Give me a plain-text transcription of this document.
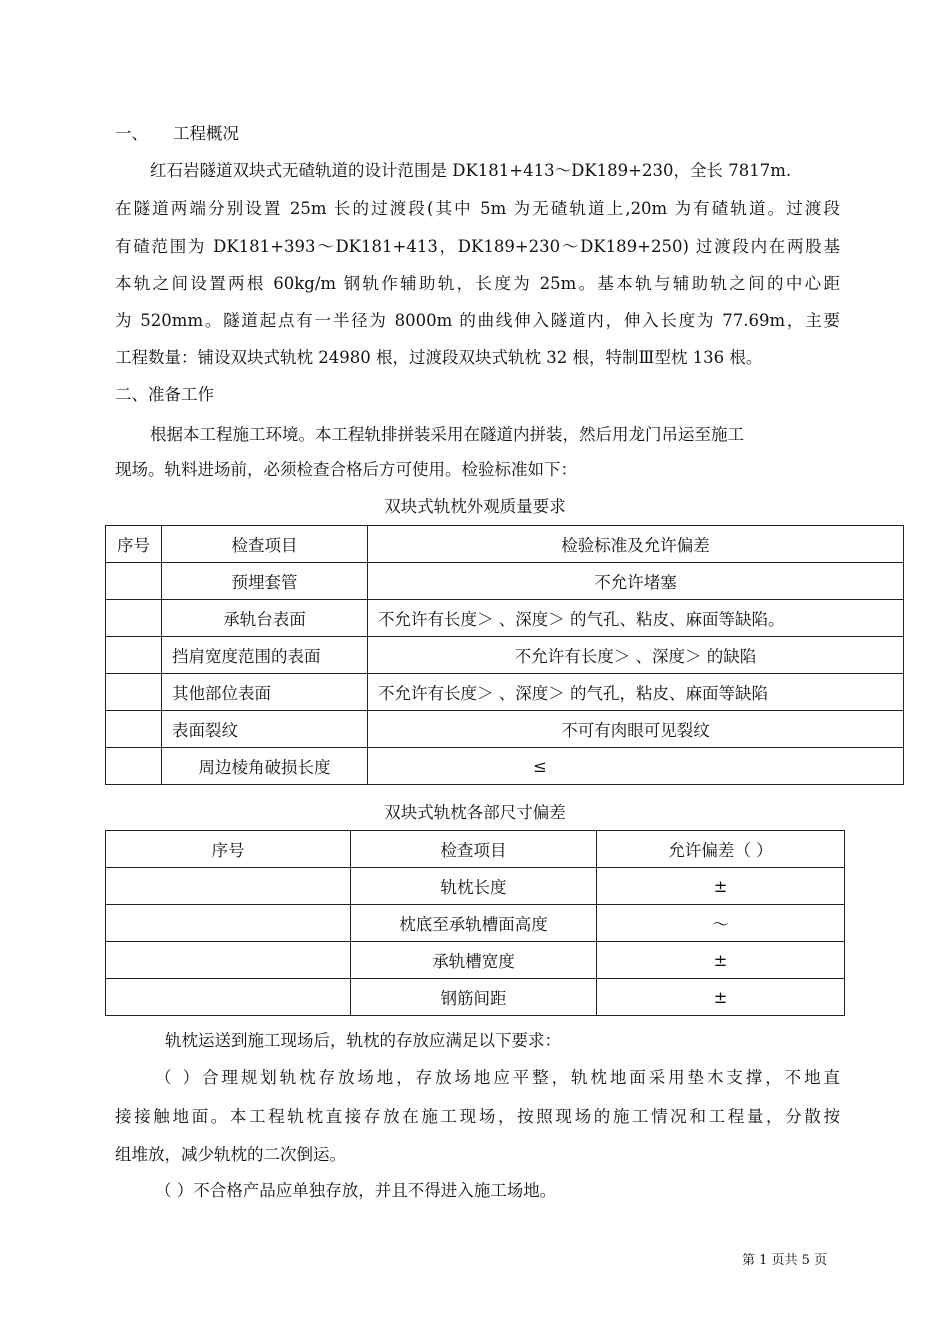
一、 工程概况
红石岩隧道双块式无碴轨道的设计范围是 DK181+413～DK189+230，全长 7817m.
在隧道两端分别设置 25m 长的过渡段(其中 5m 为无碴轨道上,20m 为有碴轨道。过渡段
有碴范围为 DK181+393～DK181+413，DK189+230～DK189+250) 过渡段内在两股基
本轨之间设置两根 60kg/m 钢轨作辅助轨，长度为 25m。基本轨与辅助轨之间的中心距
为 520mm。隧道起点有一半径为 8000m 的曲线伸入隧道内，伸入长度为 77.69m，主要
工程数量：铺设双块式轨枕 24980 根，过渡段双块式轨枕 32 根，特制Ⅲ型枕 136 根。
二、准备工作
根据本工程施工环境。本工程轨排拼装采用在隧道内拼装，然后用龙门吊运至施工
现场。轨料进场前，必须检查合格后方可使用。检验标准如下：
双块式轨枕外观质量要求
序号	检查项目	检验标准及允许偏差
	预埋套管	不允许堵塞
	承轨台表面	不允许有长度＞ 、深度＞ 的气孔、粘皮、麻面等缺陷。
	挡肩宽度范围的表面	不允许有长度＞ 、深度＞ 的缺陷
	其他部位表面	不允许有长度＞ 、深度＞ 的气孔，粘皮、麻面等缺陷
	表面裂纹	不可有肉眼可见裂纹
	周边棱角破损长度	≤
双块式轨枕各部尺寸偏差
序号	检查项目	允许偏差（ ）
	轨枕长度	±
	枕底至承轨槽面高度	～
	承轨槽宽度	±
	钢筋间距	±
轨枕运送到施工现场后，轨枕的存放应满足以下要求：
（ ）合理规划轨枕存放场地，存放场地应平整，轨枕地面采用垫木支撑，不地直
接接触地面。本工程轨枕直接存放在施工现场，按照现场的施工情况和工程量，分散按
组堆放，减少轨枕的二次倒运。
（ ）不合格产品应单独存放，并且不得进入施工场地。
第 1 页共 5 页
